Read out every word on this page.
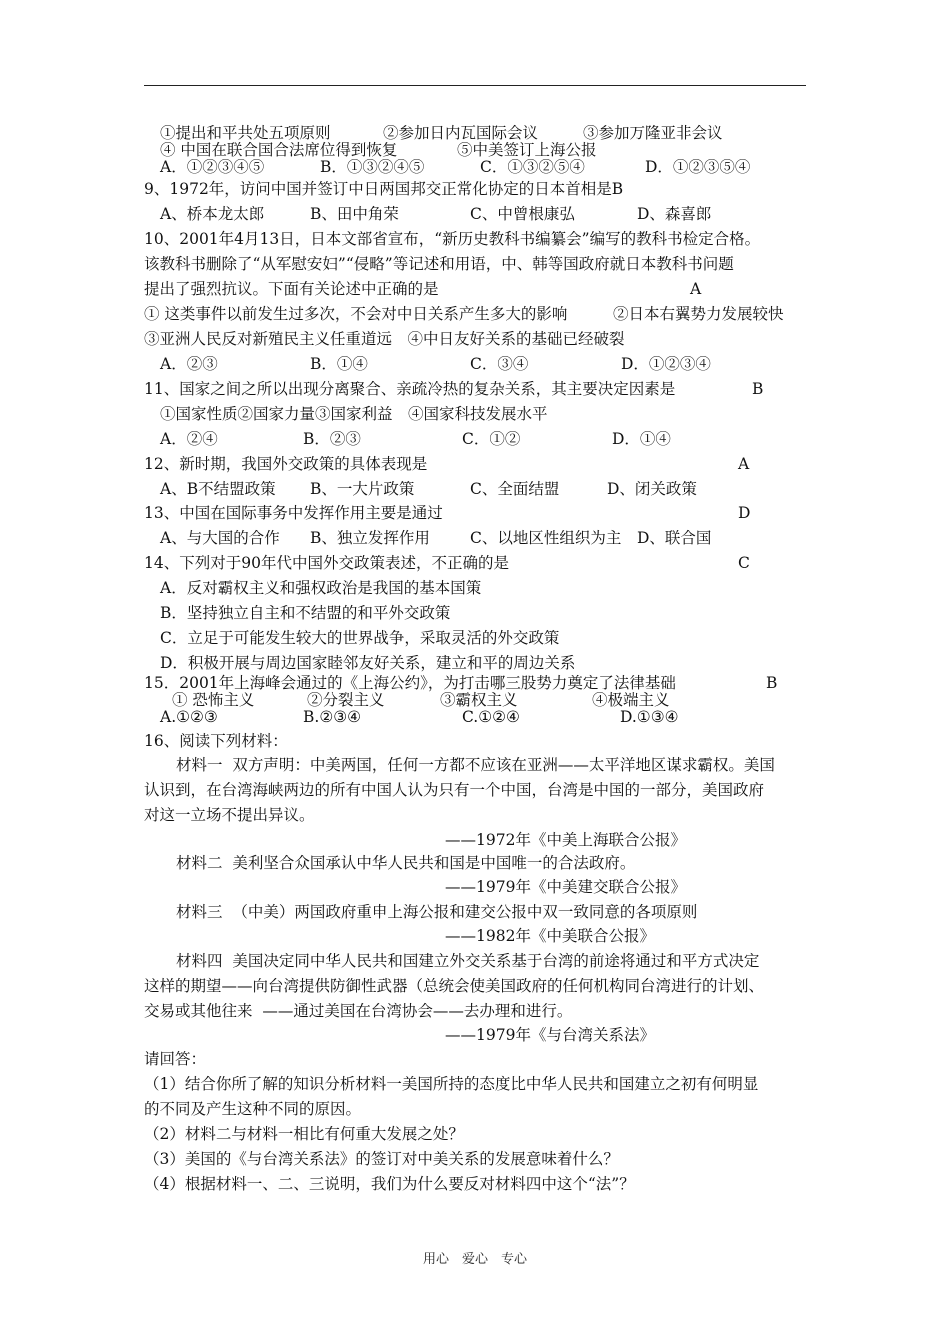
①提出和平共处五项原则	②参加日内瓦国际会议	③参加万隆亚非会议
④ 中国在联合国合法席位得到恢复	⑤中美签订上海公报
A．①②③④⑤	B．①③②④⑤	C．①③②⑤④	D．①②③⑤④
9、1972年，访问中国并签订中日两国邦交正常化协定的日本首相是B
A、桥本龙太郎	B、田中角荣	C、中曾根康弘	D、森喜郎
10、2001年4月13日，日本文部省宣布，“新历史教科书编纂会”编写的教科书检定合格。
该教科书删除了“从军慰安妇”“侵略”等记述和用语，中、韩等国政府就日本教科书问题
提出了强烈抗议。下面有关论述中正确的是	A
① 这类事件以前发生过多次，不会对中日关系产生多大的影响	②日本右翼势力发展较快
③亚洲人民反对新殖民主义任重道远　④中日友好关系的基础已经破裂
A．②③	B．①④	C．③④	D．①②③④
11、国家之间之所以出现分离聚合、亲疏冷热的复杂关系，其主要决定因素是	B
①国家性质②国家力量③国家利益　④国家科技发展水平
A．②④	B．②③	C．①②	D．①④
12、新时期，我国外交政策的具体表现是	A
A、B不结盟政策 B、一大片政策	C、全面结盟	D、闭关政策
13、中国在国际事务中发挥作用主要是通过	D
A、与大国的合作 B、独立发挥作用	C、以地区性组织为主 D、联合国
14、下列对于90年代中国外交政策表述，不正确的是	C
A．反对霸权主义和强权政治是我国的基本国策
B．坚持独立自主和不结盟的和平外交政策
C．立足于可能发生较大的世界战争，采取灵活的外交政策
D．积极开展与周边国家睦邻友好关系，建立和平的周边关系
15．2001年上海峰会通过的《上海公约》，为打击哪三股势力奠定了法律基础	B
① 恐怖主义	②分裂主义	③霸权主义	④极端主义
A.①②③	B.②③④	C.①②④	D.①③④
16、阅读下列材料：
材料一  双方声明：中美两国，任何一方都不应该在亚洲——太平洋地区谋求霸权。美国
认识到，在台湾海峡两边的所有中国人认为只有一个中国，台湾是中国的一部分，美国政府
对这一立场不提出异议。
——1972年《中美上海联合公报》
材料二  美利坚合众国承认中华人民共和国是中国唯一的合法政府。
——1979年《中美建交联合公报》
材料三  （中美）两国政府重申上海公报和建交公报中双一致同意的各项原则
——1982年《中美联合公报》
材料四  美国决定同中华人民共和国建立外交关系基于台湾的前途将通过和平方式决定
这样的期望——向台湾提供防御性武器（总统会使美国政府的任何机构同台湾进行的计划、
交易或其他往来  ——通过美国在台湾协会——去办理和进行。
——1979年《与台湾关系法》
请回答：
（1）结合你所了解的知识分析材料一美国所持的态度比中华人民共和国建立之初有何明显
的不同及产生这种不同的原因。
（2）材料二与材料一相比有何重大发展之处？
（3）美国的《与台湾关系法》的签订对中美关系的发展意味着什么？
（4）根据材料一、二、三说明，我们为什么要反对材料四中这个“法”？
用心　爱心　专心
